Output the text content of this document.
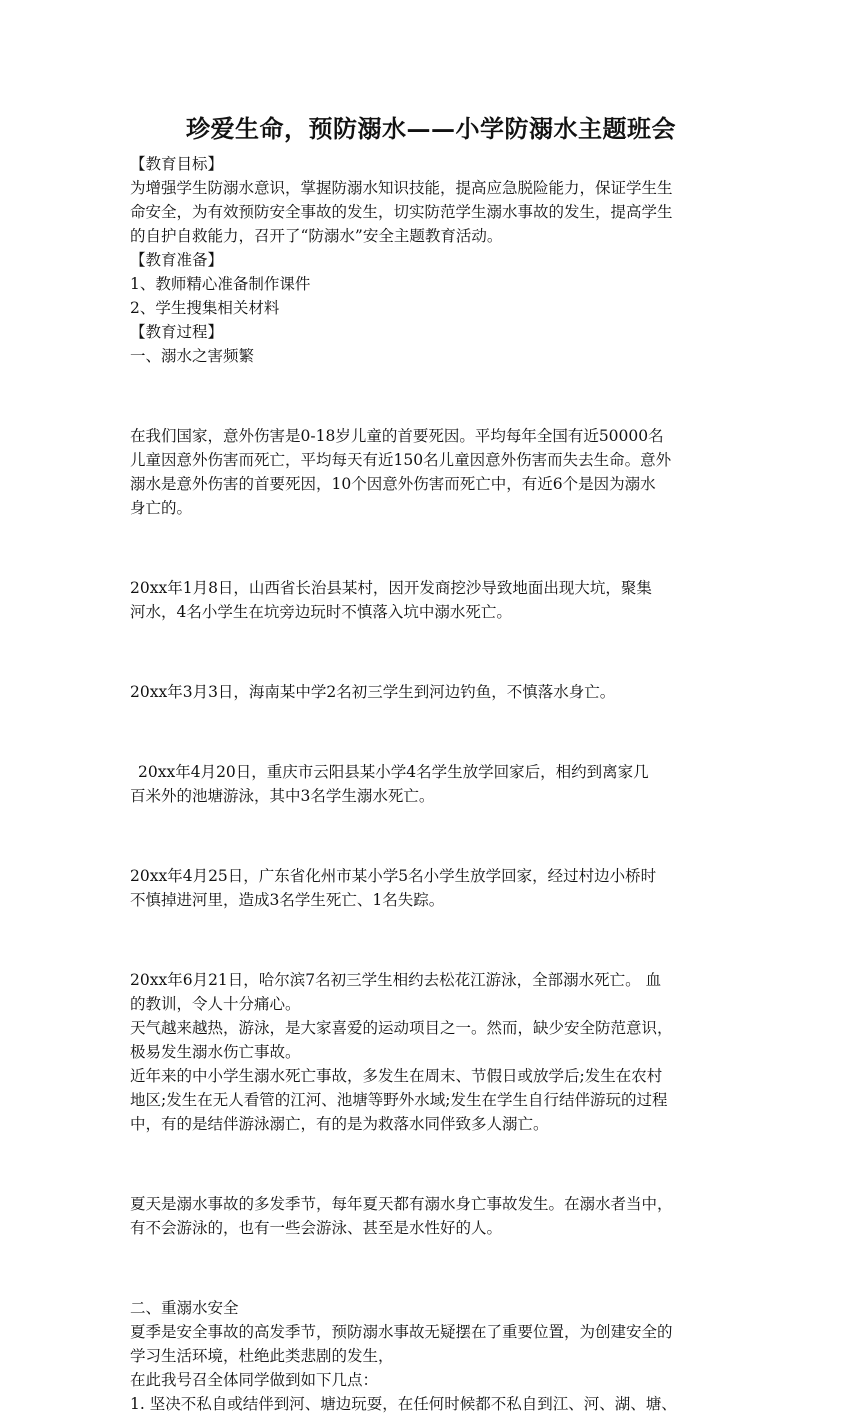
珍爱生命，预防溺水——小学防溺水主题班会

【教育目标】

为增强学生防溺水意识，掌握防溺水知识技能，提高应急脱险能力，保证学生生

命安全，为有效预防安全事故的发生，切实防范学生溺水事故的发生，提高学生

的自护自救能力，召开了“防溺水”安全主题教育活动。

【教育准备】

1、教师精心准备制作课件

2、学生搜集相关材料

【教育过程】

一、溺水之害频繁

在我们国家，意外伤害是0-18岁儿童的首要死因。平均每年全国有近50000名

儿童因意外伤害而死亡，平均每天有近150名儿童因意外伤害而失去生命。意外

溺水是意外伤害的首要死因，10个因意外伤害而死亡中，有近6个是因为溺水

身亡的。

20xx年1月8日，山西省长治县某村，因开发商挖沙导致地面出现大坑，聚集

河水，4名小学生在坑旁边玩时不慎落入坑中溺水死亡。

20xx年3月3日，海南某中学2名初三学生到河边钓鱼，不慎落水身亡。

20xx年4月20日，重庆市云阳县某小学4名学生放学回家后，相约到离家几

百米外的池塘游泳，其中3名学生溺水死亡。

20xx年4月25日，广东省化州市某小学5名小学生放学回家，经过村边小桥时

不慎掉进河里，造成3名学生死亡、1名失踪。

20xx年6月21日，哈尔滨7名初三学生相约去松花江游泳，全部溺水死亡。 血

的教训，令人十分痛心。

天气越来越热，游泳，是大家喜爱的运动项目之一。然而，缺少安全防范意识，

极易发生溺水伤亡事故。

近年来的中小学生溺水死亡事故，多发生在周末、节假日或放学后;发生在农村

地区;发生在无人看管的江河、池塘等野外水域;发生在学生自行结伴游玩的过程

中，有的是结伴游泳溺亡，有的是为救落水同伴致多人溺亡。

夏天是溺水事故的多发季节，每年夏天都有溺水身亡事故发生。在溺水者当中，

有不会游泳的，也有一些会游泳、甚至是水性好的人。

二、重溺水安全

夏季是安全事故的高发季节，预防溺水事故无疑摆在了重要位置，为创建安全的

学习生活环境，杜绝此类悲剧的发生，

在此我号召全体同学做到如下几点：

1. 坚决不私自或结伴到河、塘边玩耍，在任何时候都不私自到江、河、湖、塘、
